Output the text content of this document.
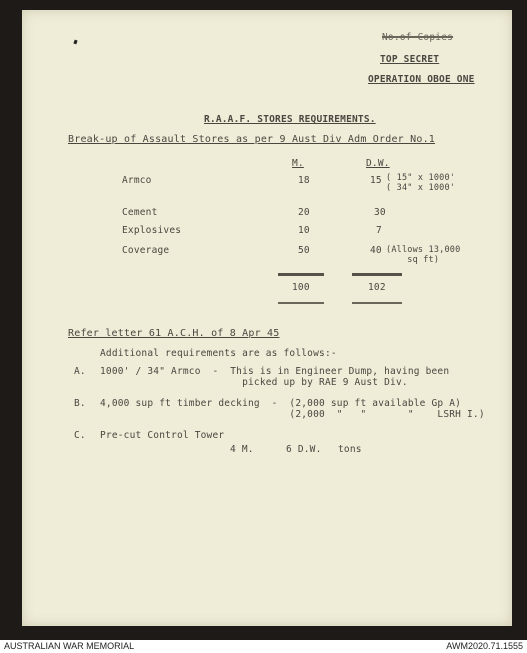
No.of Copies
TOP SECRET
OPERATION OBOE ONE
R.A.A.F. STORES REQUIREMENTS.
Break-up of Assault Stores as per 9 Aust Div Adm Order No.1
M.	D.W.
Armco	18	15 ( 15" x 1000'
( 34" x 1000'
Cement	20	30
Explosives	10	7
Coverage	50	40 (Allows 13,000
sq ft)
100	102
Refer letter 61 A.C.H. of 8 Apr 45
Additional requirements are as follows:-
A. 1000' / 34" Armco  -  This is in Engineer Dump, having been
picked up by RAE 9 Aust Div.
B. 4,000 sup ft timber decking  -  (2,000 sup ft available Gp A)
(2,000  "   "       "    LSRH I.)
C. Pre-cut Control Tower
4 M.	6 D.W. tons
AUSTRALIAN WAR MEMORIAL	AWM2020.71.1555
